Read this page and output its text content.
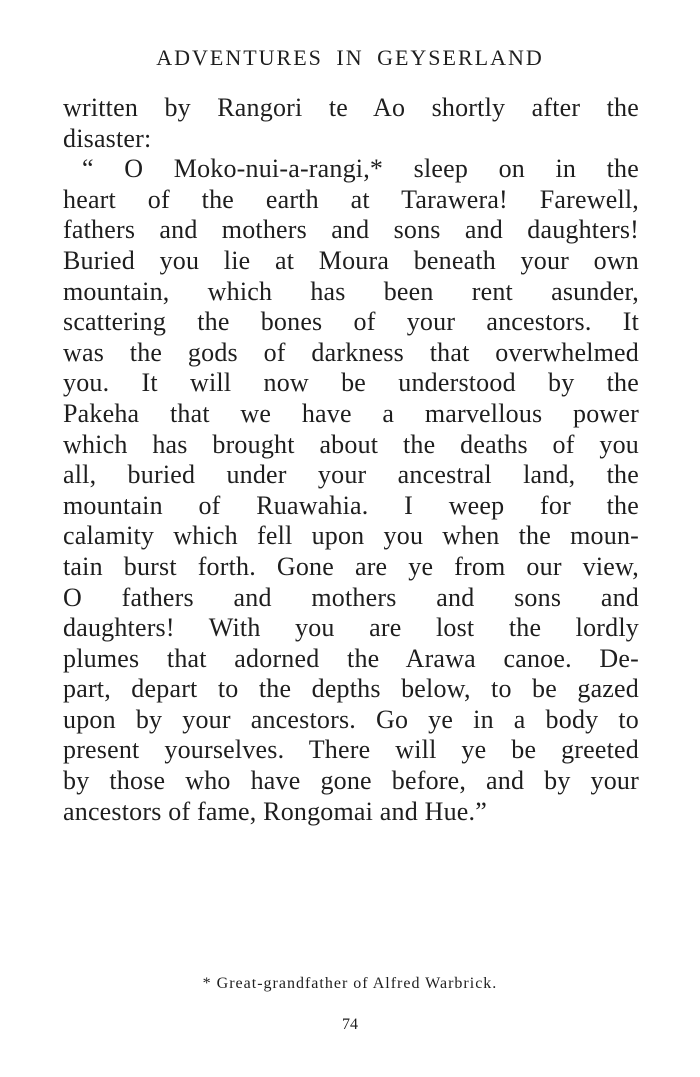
ADVENTURES IN GEYSERLAND
written by Rangori te Ao shortly after the
disaster:
“ O Moko-nui-a-rangi,* sleep on in the
heart of the earth at Tarawera! Farewell,
fathers and mothers and sons and daughters!
Buried you lie at Moura beneath your own
mountain, which has been rent asunder,
scattering the bones of your ancestors. It
was the gods of darkness that overwhelmed
you. It will now be understood by the
Pakeha that we have a marvellous power
which has brought about the deaths of you
all, buried under your ancestral land, the
mountain of Ruawahia. I weep for the
calamity which fell upon you when the moun-
tain burst forth. Gone are ye from our view,
O fathers and mothers and sons and
daughters! With you are lost the lordly
plumes that adorned the Arawa canoe. De-
part, depart to the depths below, to be gazed
upon by your ancestors. Go ye in a body to
present yourselves. There will ye be greeted
by those who have gone before, and by your
ancestors of fame, Rongomai and Hue.”
* Great-grandfather of Alfred Warbrick.
74
